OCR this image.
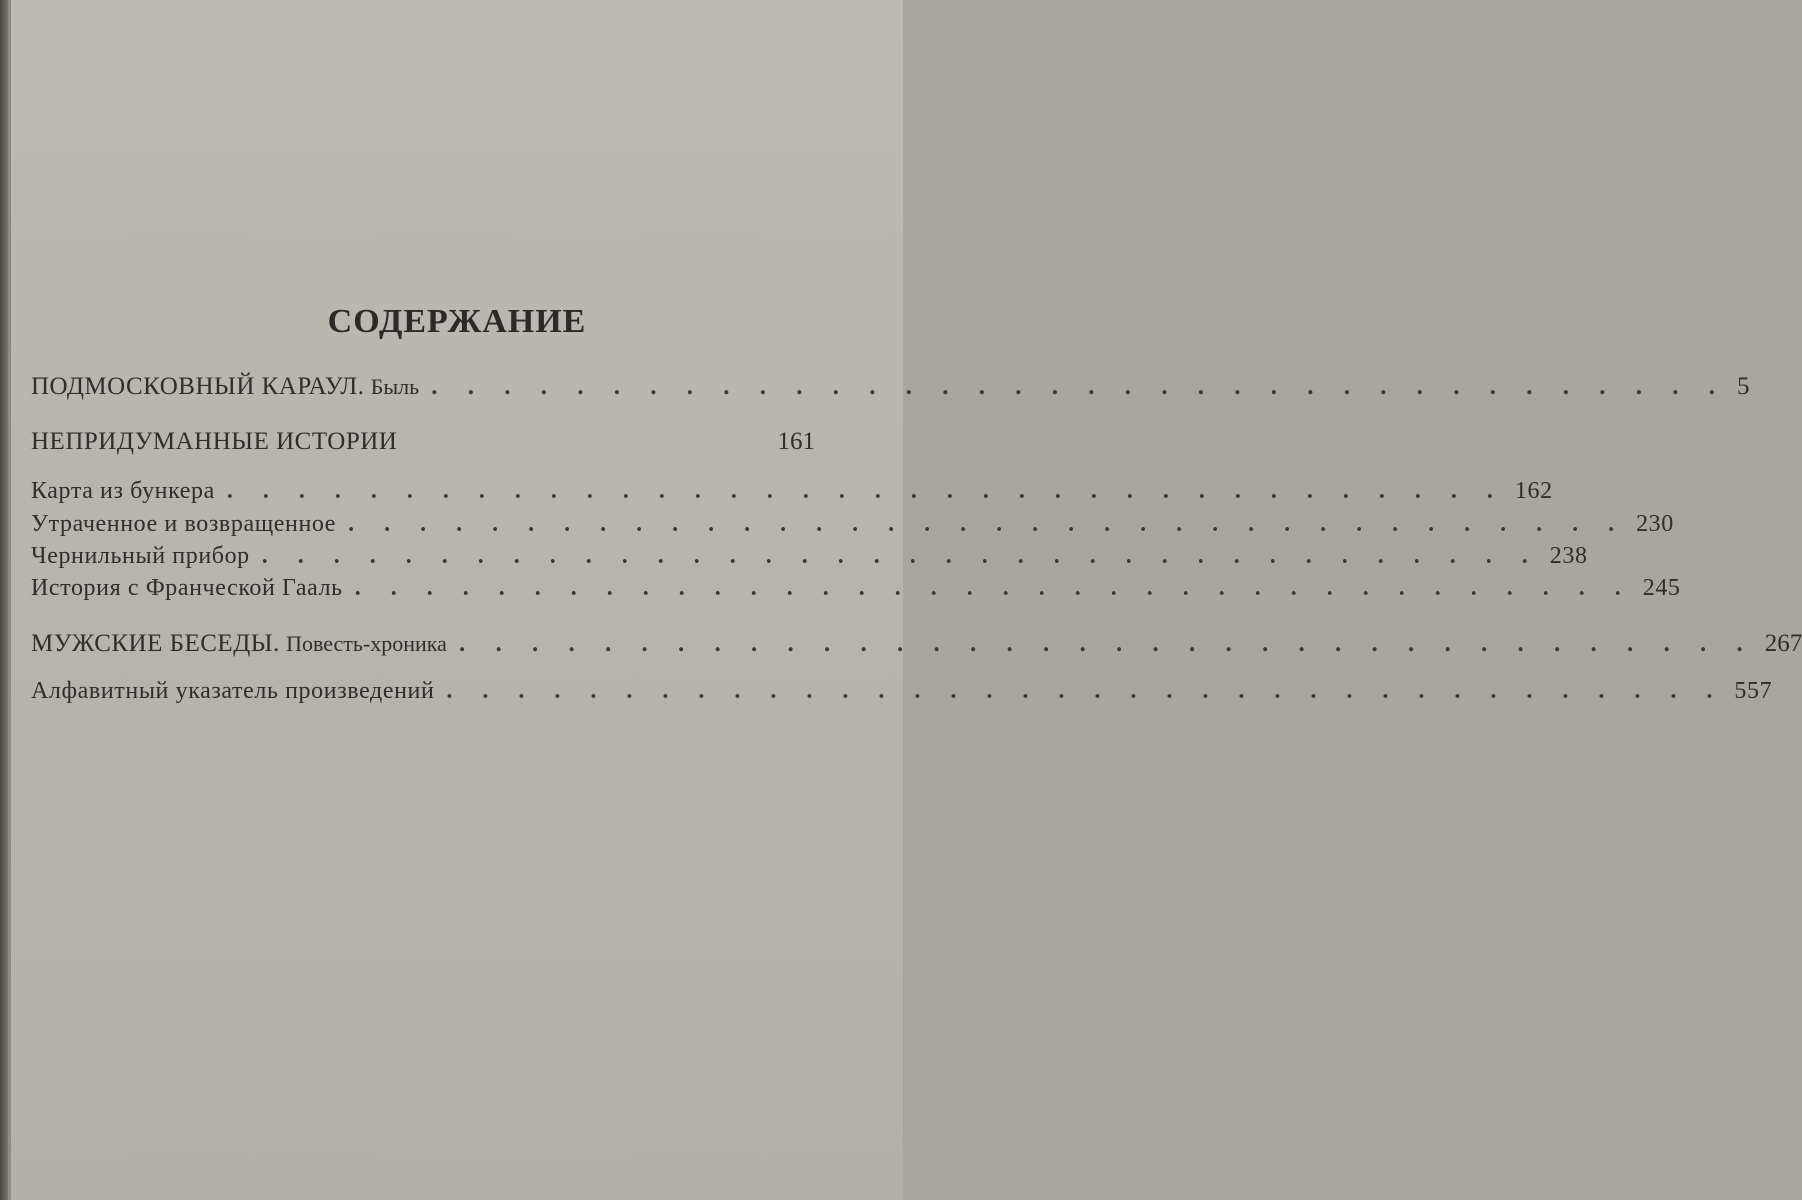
СОДЕРЖАНИЕ
ПОДМОСКОВНЫЙ КАРАУЛ. Быль . . . . . . . . . . . . . . . . . . . . . . . . . . . . . . . . . . . . 5
НЕПРИДУМАННЫЕ ИСТОРИИ	161
Карта из бункера . . . . . . . . . . . . . . . . . . . . . . . . . . . . . . . . . . . . 162
Утраченное и возвращенное . . . . . . . . . . . . . . . . . . . . . . . . . . . . . . . . . . . . 230
Чернильный прибор . . . . . . . . . . . . . . . . . . . . . . . . . . . . . . . . . . . . 238
История с Франческой Гааль . . . . . . . . . . . . . . . . . . . . . . . . . . . . . . . . . . . . 245
МУЖСКИЕ БЕСЕДЫ. Повесть-хроника . . . . . . . . . . . . . . . . . . . . . . . . . . . . . . . . . . . . 267
Алфавитный указатель произведений . . . . . . . . . . . . . . . . . . . . . . . . . . . . . . . . . . . . 557
